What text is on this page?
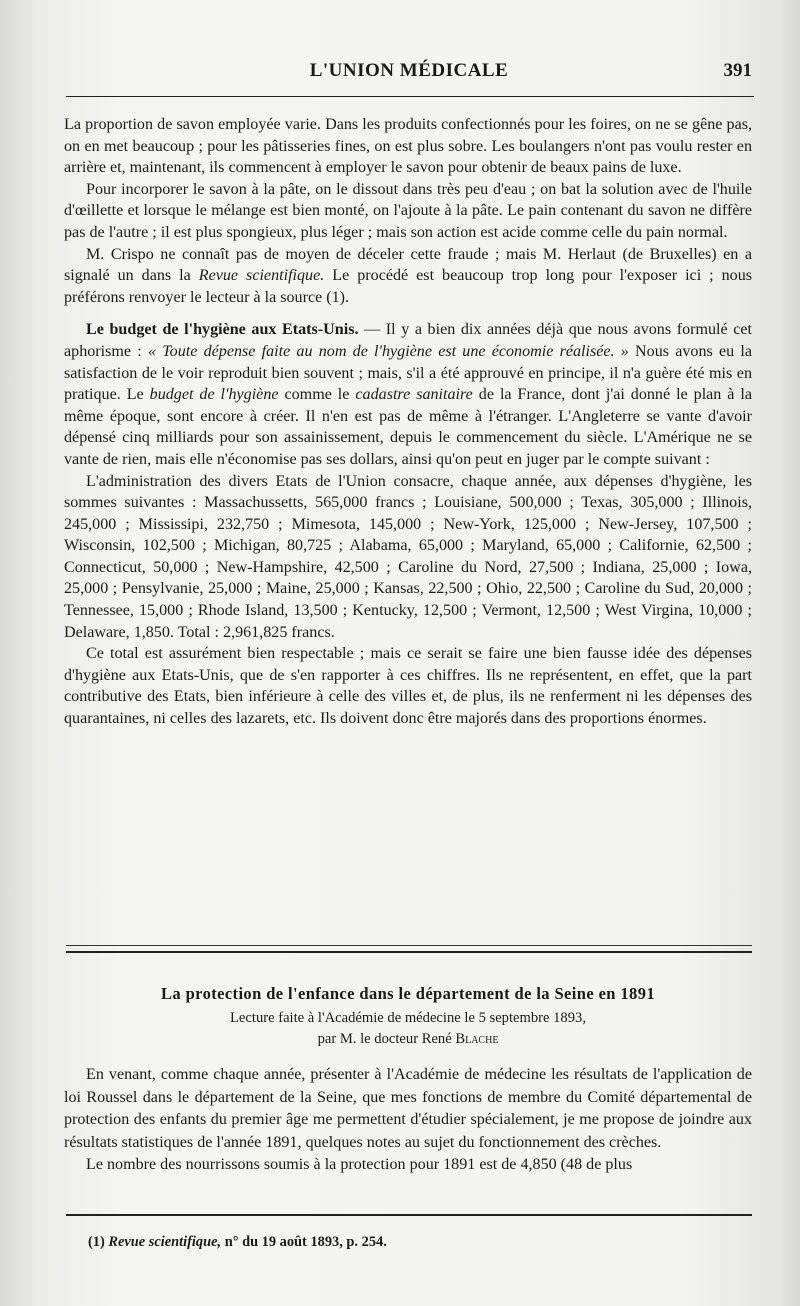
L'UNION MÉDICALE	391

La proportion de savon employée varie. Dans les produits confectionnés pour les foires, on ne se gêne pas, on en met beaucoup ; pour les pâtisseries fines, on est plus sobre. Les boulangers n'ont pas voulu rester en arrière et, maintenant, ils commencent à employer le savon pour obtenir de beaux pains de luxe.

Pour incorporer le savon à la pâte, on le dissout dans très peu d'eau ; on bat la solution avec de l'huile d'œillette et lorsque le mélange est bien monté, on l'ajoute à la pâte. Le pain contenant du savon ne diffère pas de l'autre ; il est plus spongieux, plus léger ; mais son action est acide comme celle du pain normal.

M. Crispo ne connaît pas de moyen de déceler cette fraude ; mais M. Herlaut (de Bruxelles) en a signalé un dans la Revue scientifique. Le procédé est beaucoup trop long pour l'exposer ici ; nous préférons renvoyer le lecteur à la source (1).

Le budget de l'hygiène aux Etats-Unis. — Il y a bien dix années déjà que nous avons formulé cet aphorisme : « Toute dépense faite au nom de l'hygiène est une économie réalisée. » Nous avons eu la satisfaction de le voir reproduit bien souvent ; mais, s'il a été approuvé en principe, il n'a guère été mis en pratique. Le budget de l'hygiène comme le cadastre sanitaire de la France, dont j'ai donné le plan à la même époque, sont encore à créer. Il n'en est pas de même à l'étranger. L'Angleterre se vante d'avoir dépensé cinq milliards pour son assainissement, depuis le commencement du siècle. L'Amérique ne se vante de rien, mais elle n'économise pas ses dollars, ainsi qu'on peut en juger par le compte suivant :

L'administration des divers Etats de l'Union consacre, chaque année, aux dépenses d'hygiène, les sommes suivantes : Massachussetts, 565,000 francs ; Louisiane, 500,000 ; Texas, 305,000 ; Illinois, 245,000 ; Mississipi, 232,750 ; Mimesota, 145,000 ; New-York, 125,000 ; New-Jersey, 107,500 ; Wisconsin, 102,500 ; Michigan, 80,725 ; Alabama, 65,000 ; Maryland, 65,000 ; Californie, 62,500 ; Connecticut, 50,000 ; New-Hampshire, 42,500 ; Caroline du Nord, 27,500 ; Indiana, 25,000 ; Iowa, 25,000 ; Pensylvanie, 25,000 ; Maine, 25,000 ; Kansas, 22,500 ; Ohio, 22,500 ; Caroline du Sud, 20,000 ; Tennessee, 15,000 ; Rhode Island, 13,500 ; Kentucky, 12,500 ; Vermont, 12,500 ; West Virgina, 10,000 ; Delaware, 1,850. Total : 2,961,825 francs.

Ce total est assurément bien respectable ; mais ce serait se faire une bien fausse idée des dépenses d'hygiène aux Etats-Unis, que de s'en rapporter à ces chiffres. Ils ne représentent, en effet, que la part contributive des Etats, bien inférieure à celle des villes et, de plus, ils ne renferment ni les dépenses des quarantaines, ni celles des lazarets, etc. Ils doivent donc être majorés dans des proportions énormes.

La protection de l'enfance dans le département de la Seine en 1891

Lecture faite à l'Académie de médecine le 5 septembre 1893,

par M. le docteur René Blache

En venant, comme chaque année, présenter à l'Académie de médecine les résultats de l'application de loi Roussel dans le département de la Seine, que mes fonctions de membre du Comité départemental de protection des enfants du premier âge me permettent d'étudier spécialement, je me propose de joindre aux résultats statistiques de l'année 1891, quelques notes au sujet du fonctionnement des crèches.

Le nombre des nourrissons soumis à la protection pour 1891 est de 4,850 (48 de plus

(1) Revue scientifique, n° du 19 août 1893, p. 254.
